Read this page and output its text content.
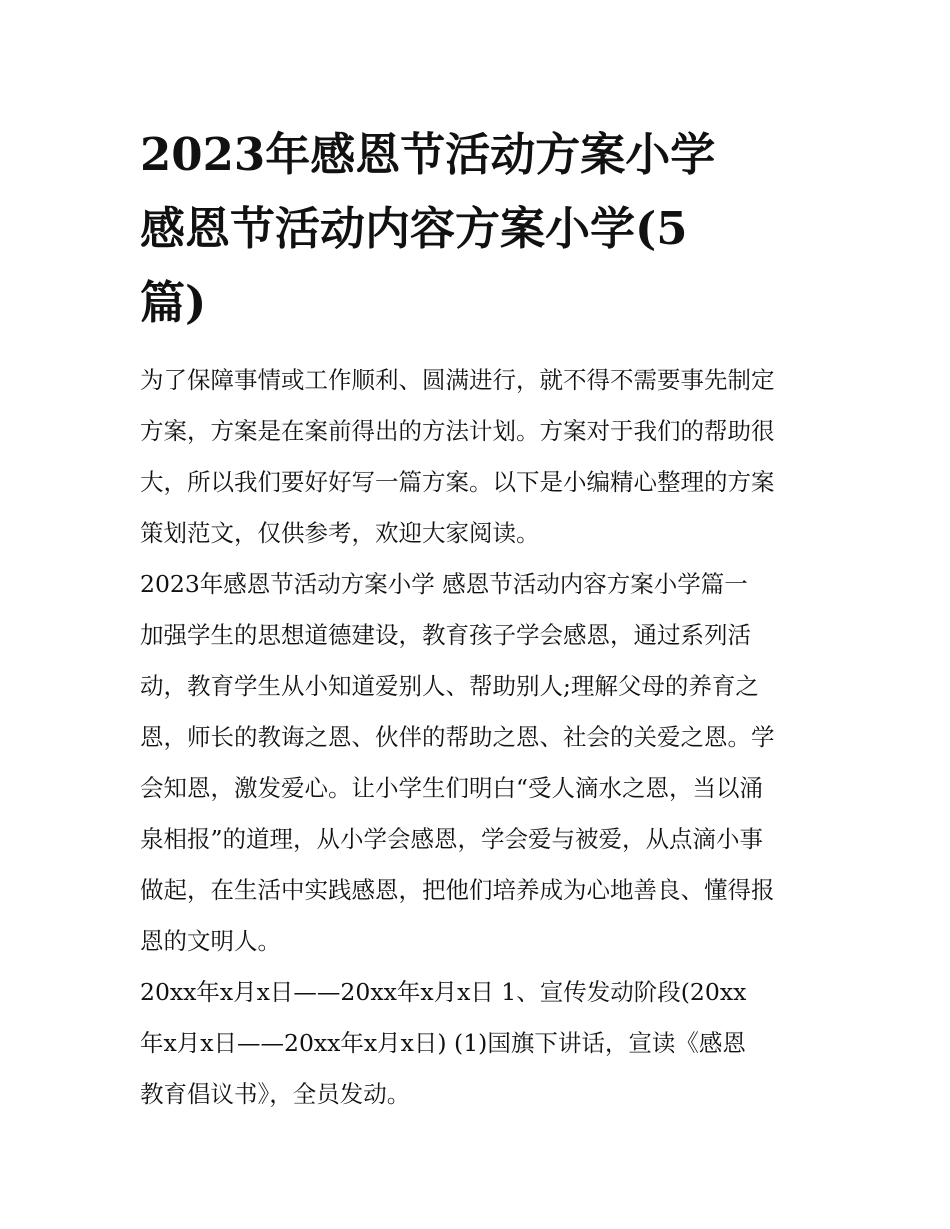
2023年感恩节活动方案小学
感恩节活动内容方案小学(5
篇)

为了保障事情或工作顺利、圆满进行，就不得不需要事先制定
方案，方案是在案前得出的方法计划。方案对于我们的帮助很
大，所以我们要好好写一篇方案。以下是小编精心整理的方案
策划范文，仅供参考，欢迎大家阅读。

2023年感恩节活动方案小学 感恩节活动内容方案小学篇一

加强学生的思想道德建设，教育孩子学会感恩，通过系列活
动，教育学生从小知道爱别人、帮助别人;理解父母的养育之
恩，师长的教诲之恩、伙伴的帮助之恩、社会的关爱之恩。学
会知恩，激发爱心。让小学生们明白“受人滴水之恩，当以涌
泉相报”的道理，从小学会感恩，学会爱与被爱，从点滴小事
做起，在生活中实践感恩，把他们培养成为心地善良、懂得报
恩的文明人。

20xx年x月x日——20xx年x月x日 1、宣传发动阶段(20xx
年x月x日——20xx年x月x日) (1)国旗下讲话，宣读《感恩
教育倡议书》，全员发动。
